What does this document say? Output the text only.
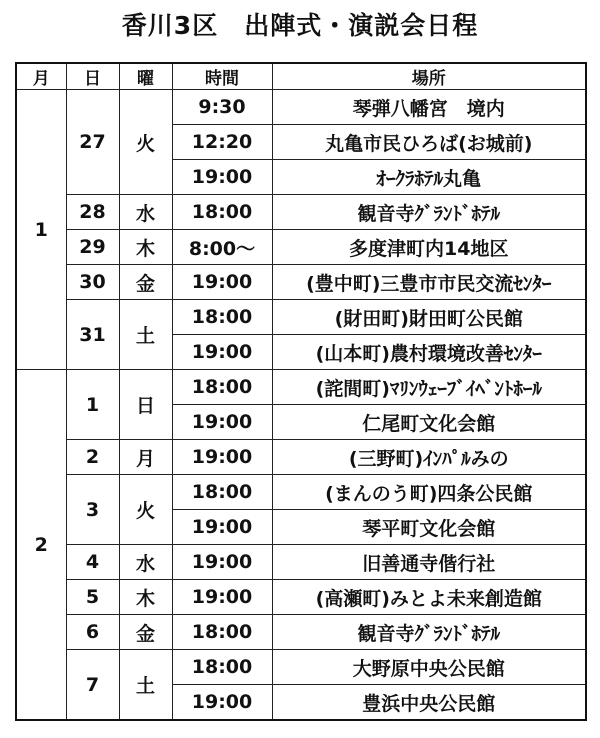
香川3区　出陣式・演説会日程
月	日	曜	時間	場所
1	27	火	9:30	琴弾八幡宮　境内
			12:20	丸亀市民ひろば(お城前)
			19:00	ｵｰｸﾗﾎﾃﾙ丸亀
	28	水	18:00	観音寺ｸﾞﾗﾝﾄﾞﾎﾃﾙ
	29	木	8:00～	多度津町内14地区
	30	金	19:00	(豊中町)三豊市市民交流ｾﾝﾀｰ
	31	土	18:00	(財田町)財田町公民館
			19:00	(山本町)農村環境改善ｾﾝﾀｰ
2	1	日	18:00	(詫間町)ﾏﾘﾝｳｪｰﾌﾞｲﾍﾞﾝﾄﾎｰﾙ
			19:00	仁尾町文化会館
	2	月	19:00	(三野町)ｲﾝﾊﾟﾙみの
	3	火	18:00	(まんのう町)四条公民館
			19:00	琴平町文化会館
	4	水	19:00	旧善通寺偕行社
	5	木	19:00	(高瀬町)みとよ未来創造館
	6	金	18:00	観音寺ｸﾞﾗﾝﾄﾞﾎﾃﾙ
	7	土	18:00	大野原中央公民館
			19:00	豊浜中央公民館
